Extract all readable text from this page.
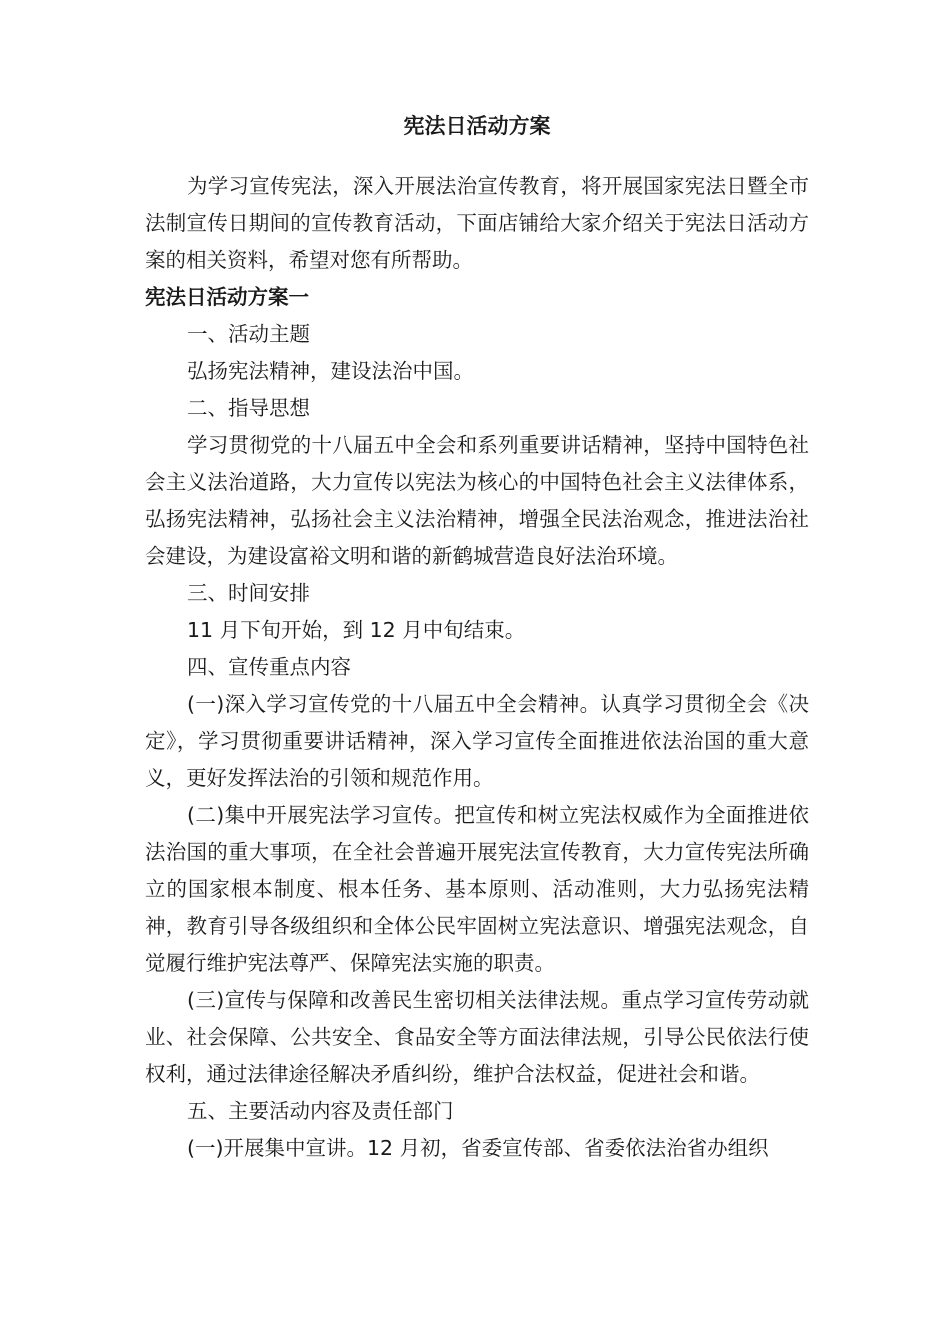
宪法日活动方案

为学习宣传宪法，深入开展法治宣传教育，将开展国家宪法日暨全市法制宣传日期间的宣传教育活动，下面店铺给大家介绍关于宪法日活动方案的相关资料，希望对您有所帮助。

宪法日活动方案一

一、活动主题

弘扬宪法精神，建设法治中国。

二、指导思想

学习贯彻党的十八届五中全会和系列重要讲话精神，坚持中国特色社会主义法治道路，大力宣传以宪法为核心的中国特色社会主义法律体系，弘扬宪法精神，弘扬社会主义法治精神，增强全民法治观念，推进法治社会建设，为建设富裕文明和谐的新鹤城营造良好法治环境。

三、时间安排

11 月下旬开始，到 12 月中旬结束。

四、宣传重点内容

(一)深入学习宣传党的十八届五中全会精神。认真学习贯彻全会《决定》，学习贯彻重要讲话精神，深入学习宣传全面推进依法治国的重大意义，更好发挥法治的引领和规范作用。

(二)集中开展宪法学习宣传。把宣传和树立宪法权威作为全面推进依法治国的重大事项，在全社会普遍开展宪法宣传教育，大力宣传宪法所确立的国家根本制度、根本任务、基本原则、活动准则，大力弘扬宪法精神，教育引导各级组织和全体公民牢固树立宪法意识、增强宪法观念，自觉履行维护宪法尊严、保障宪法实施的职责。

(三)宣传与保障和改善民生密切相关法律法规。重点学习宣传劳动就业、社会保障、公共安全、食品安全等方面法律法规，引导公民依法行使权利，通过法律途径解决矛盾纠纷，维护合法权益，促进社会和谐。

五、主要活动内容及责任部门

(一)开展集中宣讲。12 月初，省委宣传部、省委依法治省办组织
